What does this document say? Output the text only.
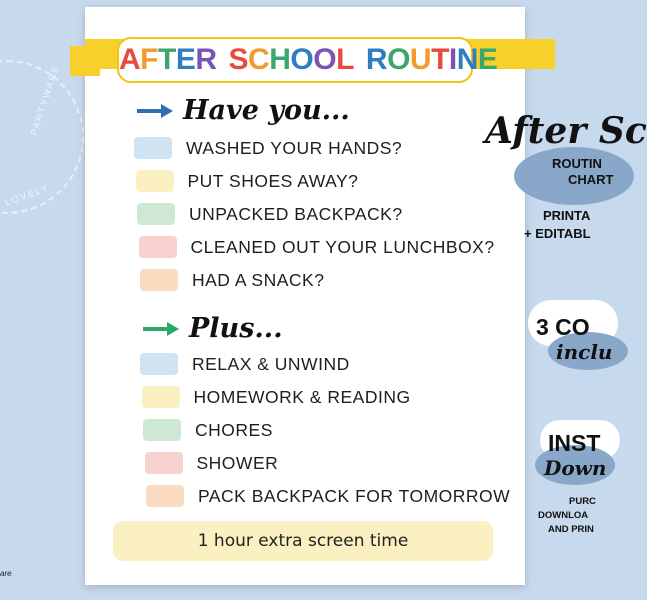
PARTYWARE
LOVELY
are
AFTER SCHOOL ROUTINE
Have you...
WASHED YOUR HANDS?
PUT SHOES AWAY?
UNPACKED BACKPACK?
CLEANED OUT YOUR LUNCHBOX?
HAD A SNACK?
Plus...
RELAX & UNWIND
HOMEWORK & READING
CHORES
SHOWER
PACK BACKPACK FOR TOMORROW
1 hour extra screen time
After Sc
ROUTIN
CHART
PRINTA
+ EDITABL
3 CO
inclu
INST
Down
PURC
DOWNLOA
AND PRIN
